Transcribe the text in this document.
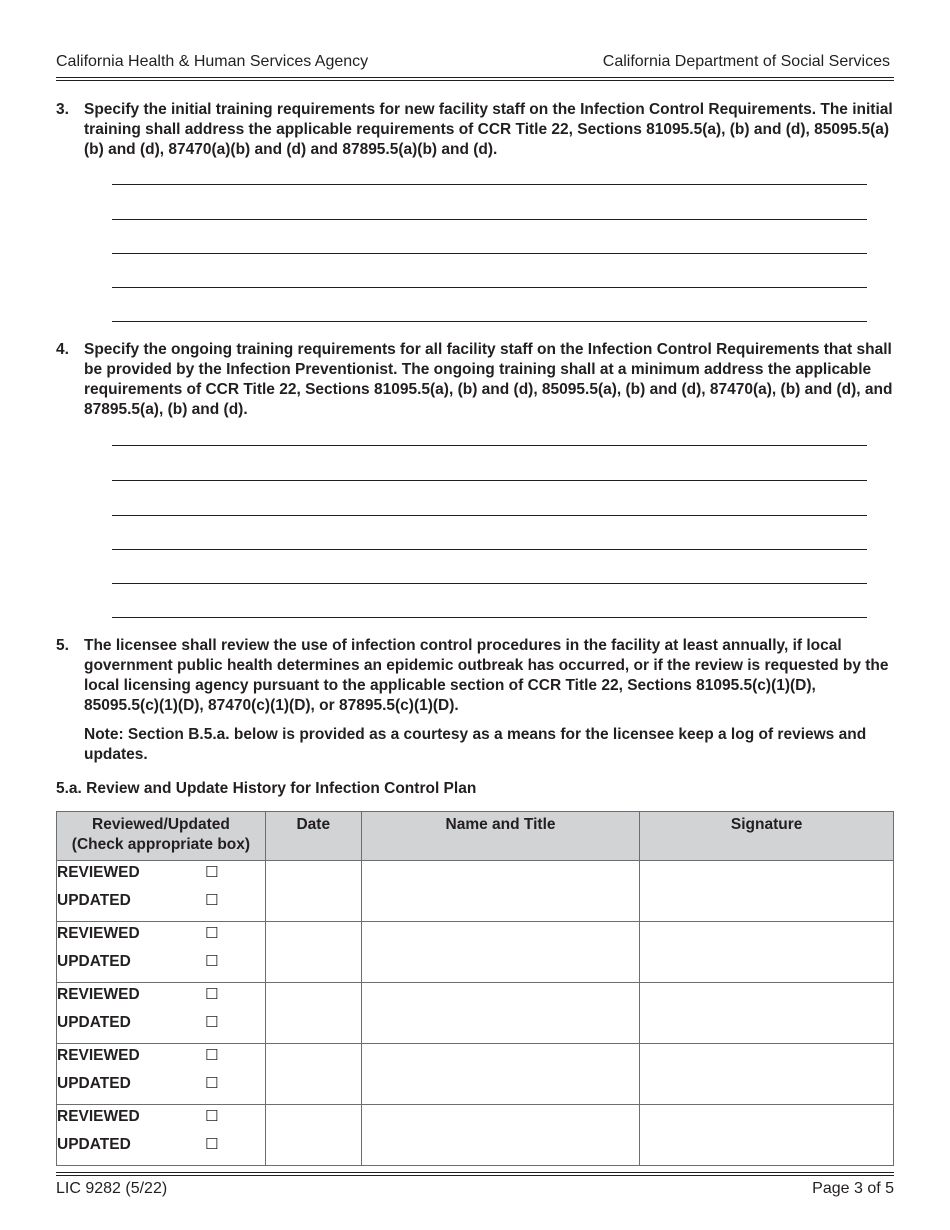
California Health & Human Services Agency	California Department of Social Services
3. Specify the initial training requirements for new facility staff on the Infection Control Requirements. The initial training shall address the applicable requirements of CCR Title 22, Sections 81095.5(a), (b) and (d), 85095.5(a)(b) and (d), 87470(a)(b) and (d) and 87895.5(a)(b) and (d).
4. Specify the ongoing training requirements for all facility staff on the Infection Control Requirements that shall be provided by the Infection Preventionist. The ongoing training shall at a minimum address the applicable requirements of CCR Title 22, Sections 81095.5(a), (b) and (d), 85095.5(a), (b) and (d), 87470(a), (b) and (d), and 87895.5(a), (b) and (d).
5. The licensee shall review the use of infection control procedures in the facility at least annually, if local government public health determines an epidemic outbreak has occurred, or if the review is requested by the local licensing agency pursuant to the applicable section of CCR Title 22, Sections 81095.5(c)(1)(D), 85095.5(c)(1)(D), 87470(c)(1)(D), or 87895.5(c)(1)(D).
Note: Section B.5.a. below is provided as a courtesy as a means for the licensee keep a log of reviews and updates.
5.a. Review and Update History for Infection Control Plan
Reviewed/Updated
(Check appropriate box)	Date	Name and Title	Signature

REVIEWED ☐
UPDATED ☐			

REVIEWED ☐
UPDATED ☐			

REVIEWED ☐
UPDATED ☐			

REVIEWED ☐
UPDATED ☐			

REVIEWED ☐
UPDATED ☐			

LIC 9282 (5/22)	Page 3 of 5
